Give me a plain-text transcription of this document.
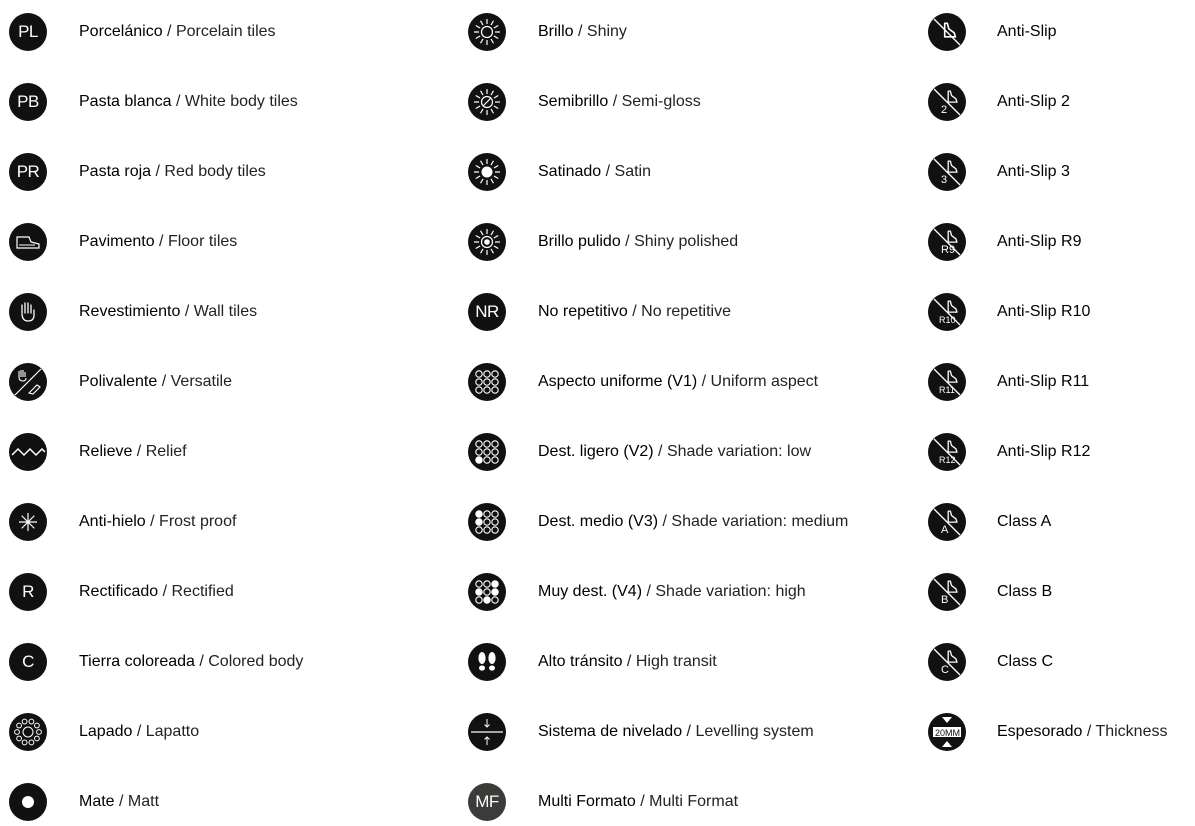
PL	Porcelánico / Porcelain tiles
PB	Pasta blanca / White body tiles
PR Pasta roja / Red body tiles
Pavimento / Floor tiles
Revestimiento / Wall tiles
Polivalente / Versatile
Relieve / Relief
Anti-hielo / Frost proof
R	Rectificado / Rectified
C	Tierra coloreada / Colored body
Lapado / Lapatto
Mate / Matt
Brillo / Shiny
Semibrillo / Semi-gloss
Satinado / Satin
Brillo pulido / Shiny polished
NR No repetitivo / No repetitive
Aspecto uniforme (V1) / Uniform aspect
Dest. ligero (V2) / Shade variation: low
Dest. medio (V3) / Shade variation: medium
Muy dest. (V4) / Shade variation: high
Alto tránsito / High transit
Sistema de nivelado / Levelling system
MF Multi Formato / Multi Format
Anti-Slip
2	Anti-Slip 2
3	Anti-Slip 3
R9	Anti-Slip R9
R10	Anti-Slip R10
R11	Anti-Slip R11
R12	Anti-Slip R12
A	Class A
B	Class B
C	Class C
20MM Espesorado / Thickness
